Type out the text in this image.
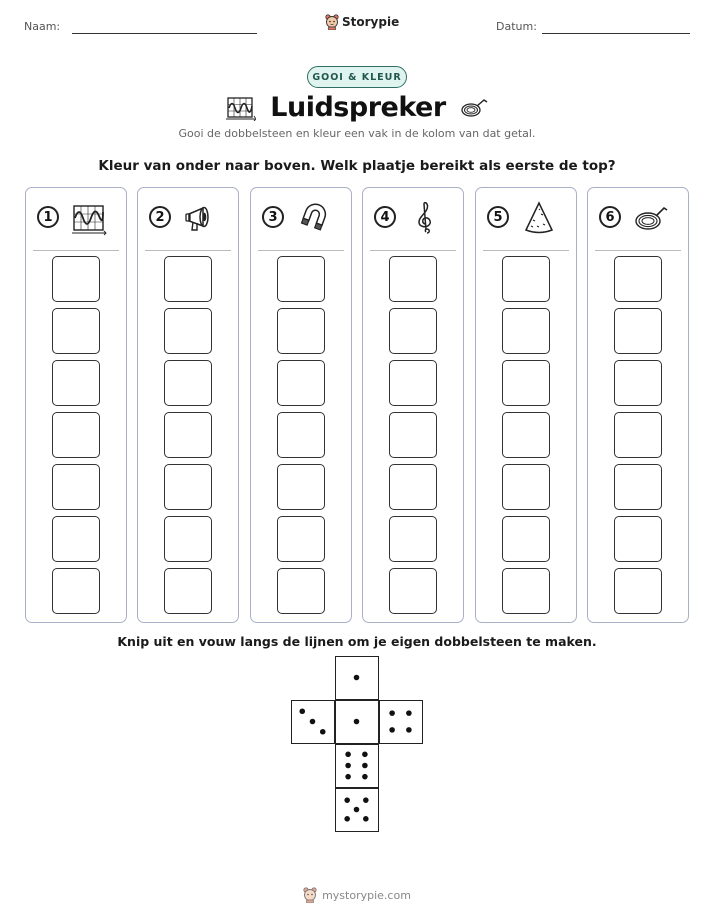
Naam:	Storypie	Datum:
GOOI & KLEUR
Luidspreker
Gooi de dobbelsteen en kleur een vak in de kolom van dat getal.
Kleur van onder naar boven. Welk plaatje bereikt als eerste de top?
1	2	3	4	5	6
Knip uit en vouw langs de lijnen om je eigen dobbelsteen te maken.
mystorypie.com
